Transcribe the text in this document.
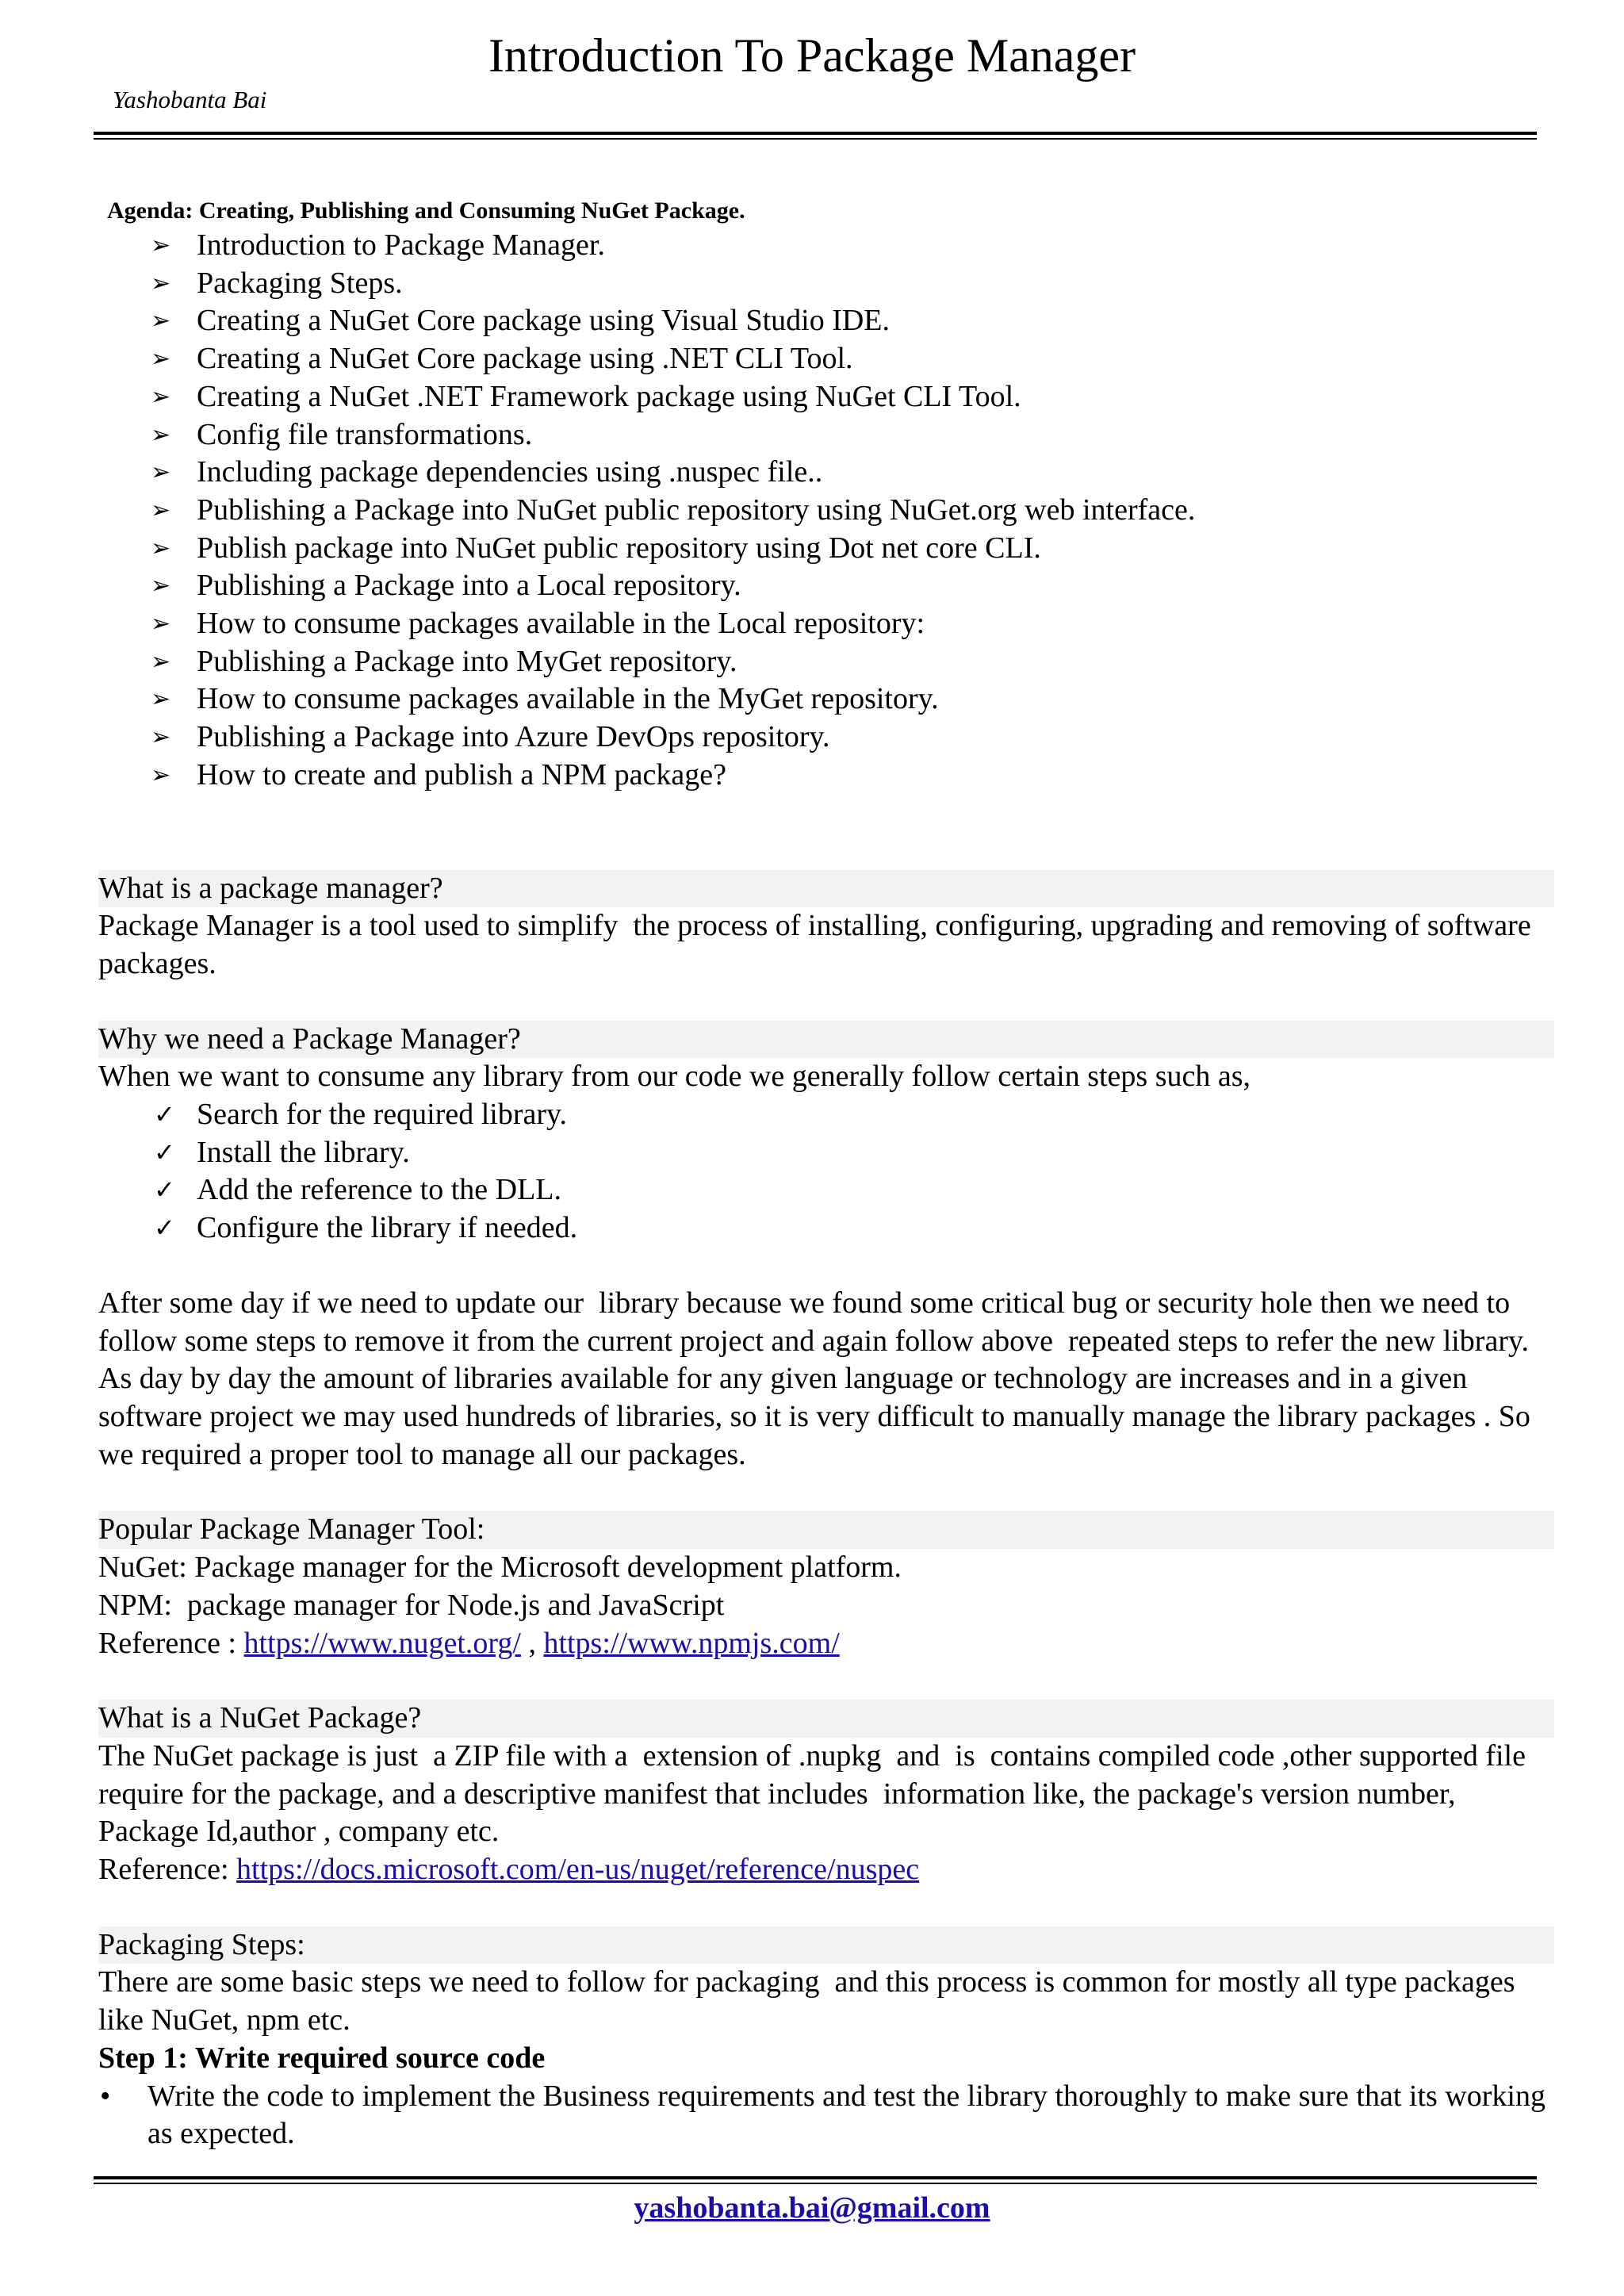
Introduction To Package Manager
Yashobanta Bai
Agenda: Creating, Publishing and Consuming NuGet Package.
➢ Introduction to Package Manager.
➢ Packaging Steps.
➢ Creating a NuGet Core package using Visual Studio IDE.
➢ Creating a NuGet Core package using .NET CLI Tool.
➢ Creating a NuGet .NET Framework package using NuGet CLI Tool.
➢ Config file transformations.
➢ Including package dependencies using .nuspec file..
➢ Publishing a Package into NuGet public repository using NuGet.org web interface.
➢ Publish package into NuGet public repository using Dot net core CLI.
➢ Publishing a Package into a Local repository.
➢ How to consume packages available in the Local repository:
➢ Publishing a Package into MyGet repository.
➢ How to consume packages available in the MyGet repository.
➢ Publishing a Package into Azure DevOps repository.
➢ How to create and publish a NPM package?
What is a package manager?
Package Manager is a tool used to simplify  the process of installing, configuring, upgrading and removing of software packages.
Why we need a Package Manager?
When we want to consume any library from our code we generally follow certain steps such as,
✓ Search for the required library.
✓ Install the library.
✓ Add the reference to the DLL.
✓ Configure the library if needed.
After some day if we need to update our  library because we found some critical bug or security hole then we need to follow some steps to remove it from the current project and again follow above  repeated steps to refer the new library. As day by day the amount of libraries available for any given language or technology are increases and in a given software project we may used hundreds of libraries, so it is very difficult to manually manage the library packages . So we required a proper tool to manage all our packages.
Popular Package Manager Tool:
NuGet: Package manager for the Microsoft development platform.
NPM:  package manager for Node.js and JavaScript
Reference : https://www.nuget.org/ , https://www.npmjs.com/
What is a NuGet Package?
The NuGet package is just  a ZIP file with a  extension of .nupkg  and  is  contains compiled code ,other supported file require for the package, and a descriptive manifest that includes  information like, the package's version number, Package Id,author , company etc.
Reference: https://docs.microsoft.com/en-us/nuget/reference/nuspec
Packaging Steps:
There are some basic steps we need to follow for packaging  and this process is common for mostly all type packages  like NuGet, npm etc.
Step 1: Write required source code
• Write the code to implement the Business requirements and test the library thoroughly to make sure that its working as expected.
yashobanta.bai@gmail.com
